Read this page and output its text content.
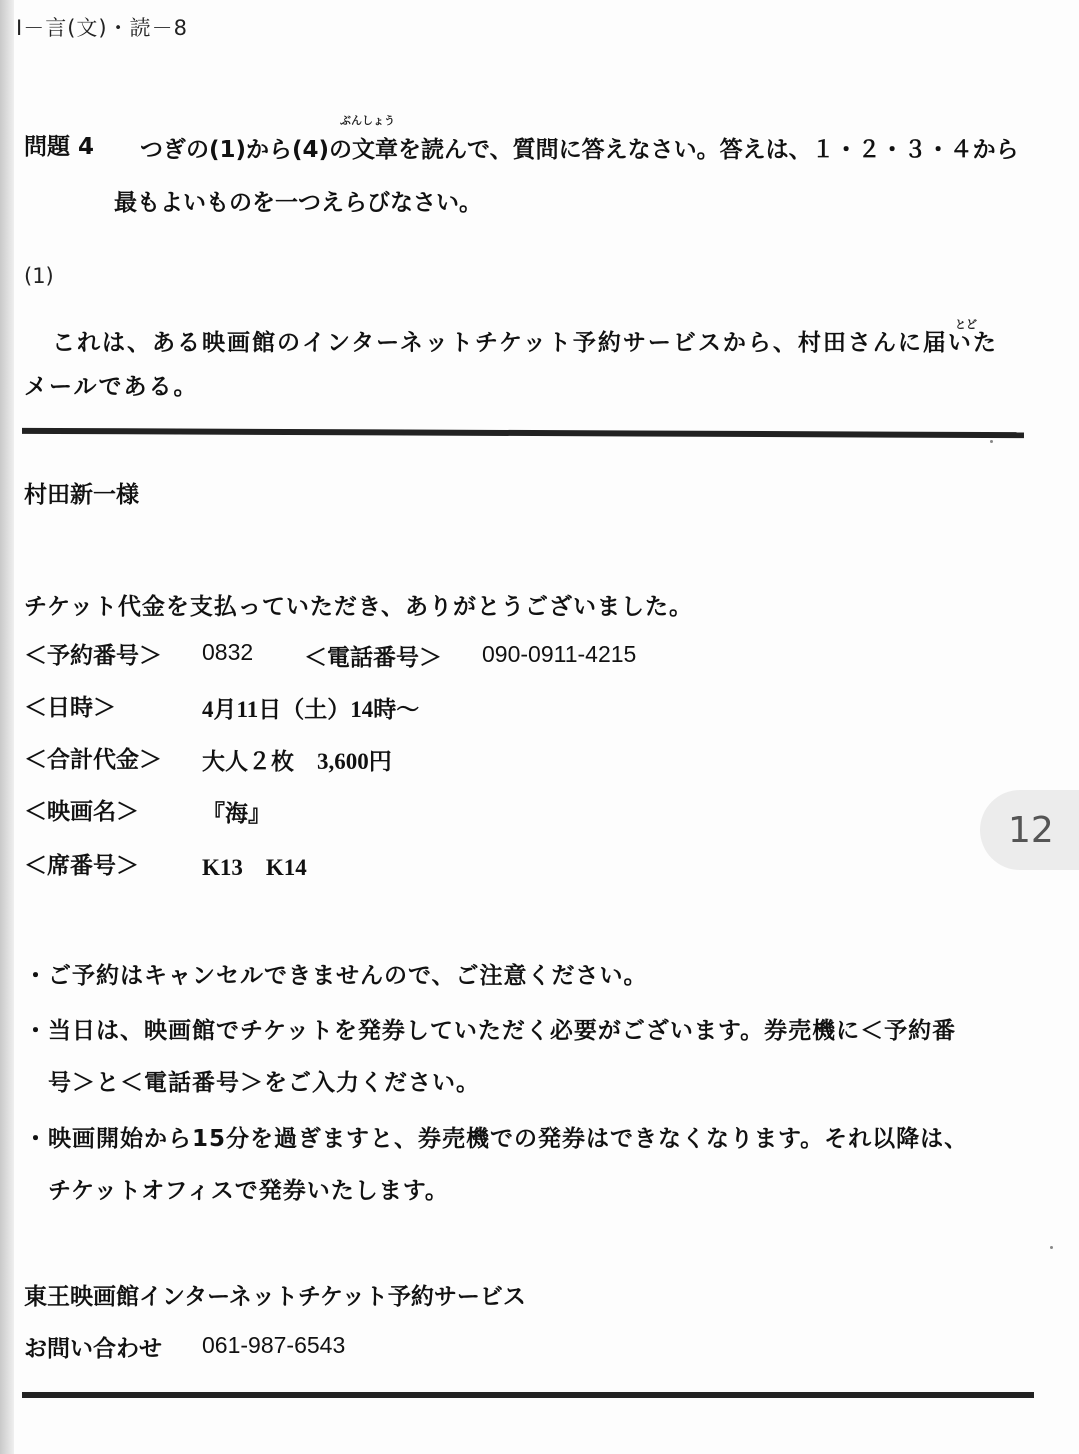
Ⅰ－言(文)・読－8
ぶんしょう
問題 4 つぎの(1)から(4)の文章を読んで、質問に答えなさい。答えは、１・２・３・４から
最もよいものを一つえらびなさい。
(1)
とど
これは、ある映画館のインターネットチケット予約サービスから、村田さんに届いた
メールである。
村田新一様
チケット代金を支払っていただき、ありがとうございました。
＜予約番号＞ 0832 ＜電話番号＞ 090-0911-4215
＜日時＞	4月11日（土）14時～
＜合計代金＞ 大人２枚　3,600円
＜映画名＞	『海』
＜席番号＞	K13　K14
・ご予約はキャンセルできませんので、ご注意ください。
・当日は、映画館でチケットを発券していただく必要がございます。券売機に＜予約番
号＞と＜電話番号＞をご入力ください。
・映画開始から15分を過ぎますと、券売機での発券はできなくなります。それ以降は、
チケットオフィスで発券いたします。
東王映画館インターネットチケット予約サービス
お問い合わせ 061-987-6543
12
